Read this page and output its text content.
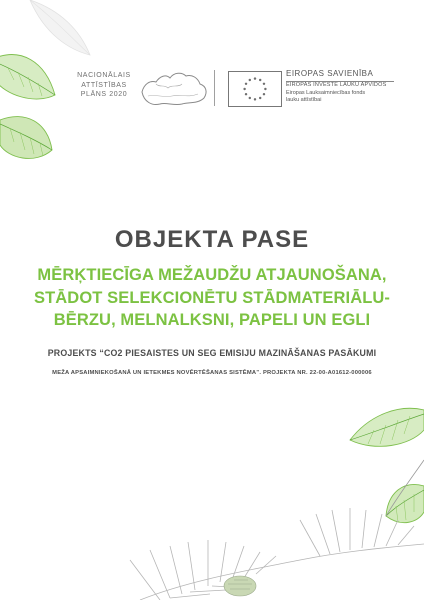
NACIONĀLAIS
ATTĪSTĪBAS
PLĀNS 2020
EIROPAS SAVIENĪBA
EIROPAS INVESTĒ LAUKU APVIDOS
Eiropas Lauksaimniecības fonds
lauku attīstībai
OBJEKTA PASE
MĒRĶTIECĪGA MEŽAUDŽU ATJAUNOŠANA,
STĀDOT SELEKCIONĒTU STĀDMATERIĀLU-
BĒRZU, MELNALKSNI, PAPELI UN EGLI
PROJEKTS “CO2 PIESAISTES UN SEG EMISIJU MAZINĀŠANAS PASĀKUMI
MEŽA APSAIMNIEKOŠANĀ UN IETEKMES NOVĒRTĒŠANAS SISTĒMA”. PROJEKTA NR. 22-00-A01612-000006
